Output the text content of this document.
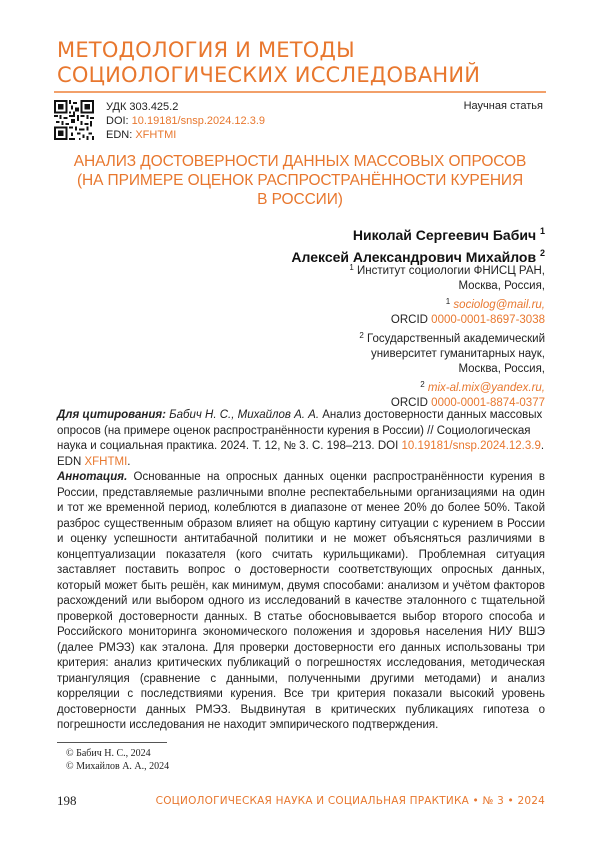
МЕТОДОЛОГИЯ И МЕТОДЫ СОЦИОЛОГИЧЕСКИХ ИССЛЕДОВАНИЙ
УДК 303.425.2
DOI: 10.19181/snsp.2024.12.3.9
EDN: XFHTMI
Научная статья
АНАЛИЗ ДОСТОВЕРНОСТИ ДАННЫХ МАССОВЫХ ОПРОСОВ
(НА ПРИМЕРЕ ОЦЕНОК РАСПРОСТРАНЁННОСТИ КУРЕНИЯ
В РОССИИ)
Николай Сергеевич Бабич $^1$
Алексей Александрович Михайлов $^2$
$^1$ Институт социологии ФНИСЦ РАН,
Москва, Россия,
$^1$ sociolog@mail.ru,
ORCID 0000-0001-8697-3038
$^2$ Государственный академический
университет гуманитарных наук,
Москва, Россия,
$^2$ mix-al.mix@yandex.ru,
ORCID 0000-0001-8874-0377
Для цитирования: Бабич Н. С., Михайлов А. А. Анализ достоверности данных массовых опросов (на примере оценок распространённости курения в России) // Социологическая наука и социальная практика. 2024. Т. 12, № 3. С. 198–213. DOI 10.19181/snsp.2024.12.3.9. EDN XFHTMI.
Аннотация. Основанные на опросных данных оценки распространённости курения в России, представляемые различными вполне респектабельными организациями на один и тот же временной период, колеблются в диапазоне от менее 20% до более 50%. Такой разброс существенным образом влияет на общую картину ситуации с курением в России и оценку успешности антитабачной политики и не может объясняться различиями в концептуализации показателя (кого считать курильщиками). Проблемная ситуация заставляет поставить вопрос о достоверности соответствующих опросных данных, который может быть решён, как минимум, двумя способами: анализом и учётом факторов расхождений или выбором одного из исследований в качестве эталонного с тщательной проверкой достоверности данных. В статье обосновывается выбор второго способа и Российского мониторинга экономического положения и здоровья населения НИУ ВШЭ (далее РМЭЗ) как эталона. Для проверки достоверности его данных использованы три критерия: анализ критических публикаций о погрешностях исследования, методическая триангуляция (сравнение с данными, полученными другими методами) и анализ корреляции с последствиями курения. Все три критерия показали высокий уровень достоверности данных РМЭЗ. Выдвинутая в критических публикациях гипотеза о погрешности исследования не находит эмпирического подтверждения.
© Бабич Н. С., 2024
© Михайлов А. А., 2024
198	СОЦИОЛОГИЧЕСКАЯ НАУКА И СОЦИАЛЬНАЯ ПРАКТИКА • № 3 • 2024
